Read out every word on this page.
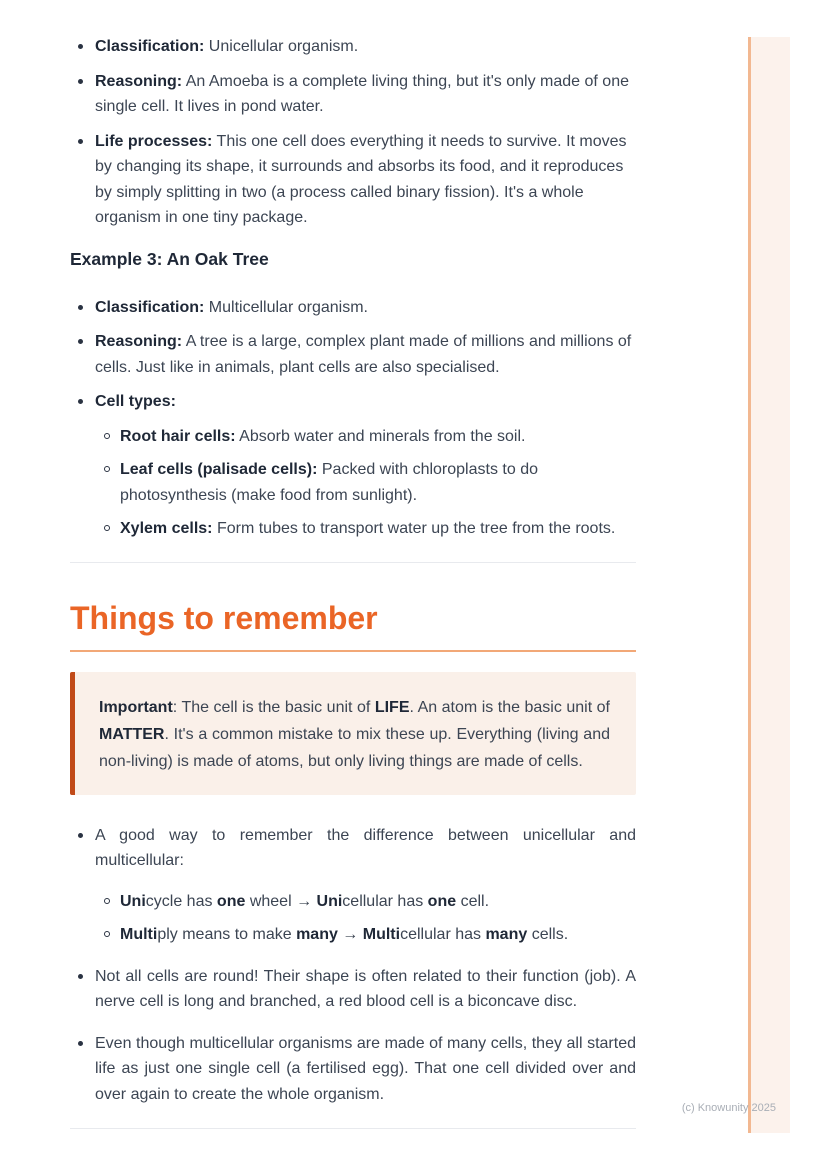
Classification: Unicellular organism.
Reasoning: An Amoeba is a complete living thing, but it's only made of one single cell. It lives in pond water.
Life processes: This one cell does everything it needs to survive. It moves by changing its shape, it surrounds and absorbs its food, and it reproduces by simply splitting in two (a process called binary fission). It's a whole organism in one tiny package.
Example 3: An Oak Tree
Classification: Multicellular organism.
Reasoning: A tree is a large, complex plant made of millions and millions of cells. Just like in animals, plant cells are also specialised.
Cell types:
Root hair cells: Absorb water and minerals from the soil.
Leaf cells (palisade cells): Packed with chloroplasts to do photosynthesis (make food from sunlight).
Xylem cells: Form tubes to transport water up the tree from the roots.
Things to remember

Important: The cell is the basic unit of LIFE. An atom is the basic unit of MATTER. It's a common mistake to mix these up. Everything (living and non-living) is made of atoms, but only living things are made of cells.

A good way to remember the difference between unicellular and multicellular:
Unicycle has one wheel → Unicellular has one cell.
Multiply means to make many → Multicellular has many cells.
Not all cells are round! Their shape is often related to their function (job). A nerve cell is long and branched, a red blood cell is a biconcave disc.
Even though multicellular organisms are made of many cells, they all started life as just one single cell (a fertilised egg). That one cell divided over and over again to create the whole organism.
(c) Knowunity 2025
